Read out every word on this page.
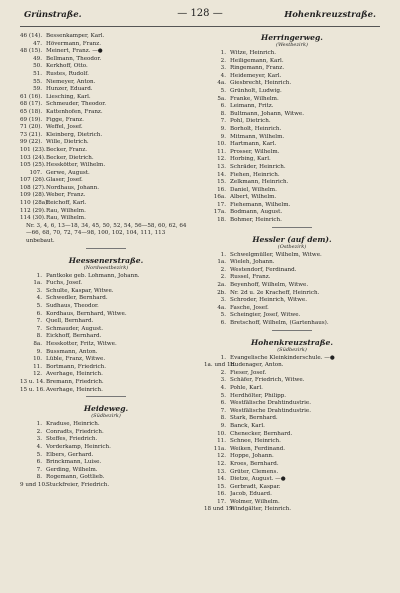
Grünstraße.	— 128 —	Hohenkreuzstraße.
46 (14). Bessenkamper, Karl.
47. Hövermann, Franz.
48 (15). Meinert, Franz. —●
49. Bellmann, Theodor.
50. Kerkhoff, Otto.
51. Rustes, Rudolf.
55. Niemeyer, Anton.
59. Hunzer, Eduard.
61 (16). Liesching, Karl.
68 (17). Schmeuder, Theodor.
65 (18). Kattenhofen, Franz.
69 (19). Figge, Franz.
71 (20). Weffel, Josef.
73 (21). Kleinberg, Dietrich.
99 (22). Wille, Dietrich.
101 (23). Becker, Franz.
103 (24). Becker, Dietrich.
105 (25). Hesskötter, Wilhelm.
107. Gerwe, August.
107 (26). Glaser, Josef.
108 (27). Nordhaus, Johann.
109 (28). Weber, Franz.
110 (28a).
Reichoff, Karl.
112 (29). Rau, Wilhelm.
114 (30). Rau, Wilhelm.
Nr. 3, 4, 6, 13—18, 34, 45, 50, 52, 54, 56—58, 60, 62, 64—66, 68, 70, 72, 74—98, 100, 102, 104, 111, 113 unbebaut.
Heessenerstraße.
(Nordwestbezirk)
1. Pantkoke geb. Lohmann, Johann.
1a. Fuchs, Josef.
3. Schulte, Kaspar, Witwe.
4. Schwedler, Bernhard.
5. Sudhaus, Theodor.
6. Kordhaus, Bernhard, Witwe.
7. Quell, Bernhard.
7. Schmauder, August.
8. Eickhoff, Bernhard.
8a. Hesskotter, Fritz, Witwe.
9. Bussmann, Anton.
10. Lüble, Franz, Witwe.
11. Bortmann, Friedrich.
12. Averhage, Heinrich.
13 u. 14. Bremann, Friedrich.
15 u. 16. Averhage, Heinrich.
Heideweg.
(Südbezirk)
1. Kraduse, Heinrich.
2. Conradts, Friedrich.
3. Steffes, Friedrich.
4. Vorderkamp, Heinrich.
5. Elbers, Gerhard.
6. Brinckmann, Luise.
7. Gerding, Wilhelm.
8. Rogemann, Gottlieb.
9 und 10. Stuckfreier, Friedrich.
Herringerweg.
(Westbezirk)
1. Witze, Heinrich.
2. Heiligemann, Karl.
3. Ringemann, Franz.
4. Heidemeyer, Karl.
4a. Giesbrecht, Heinrich.
5. Grünholt, Ludwig.
5a. Franke, Wilhelm.
6. Leimann, Fritz.
8. Bultmann, Johann, Witwe.
7. Pohl, Dietrich.
9. Borholt, Heinrich.
9. Mitmann, Wilhelm.
10. Hartmann, Karl.
11. Prosser, Wilhelm.
12. Horbing, Karl.
13. Schräder, Heinrich.
14. Fiehen, Heinrich.
15. Zelkmann, Heinrich.
16. Daniel, Wilhelm.
16a. Albert, Wilhelm.
17. Fiehemann, Wilhelm.
17a. Bodmann, August.
18. Bohmer, Heinrich.
Hessler (auf dem).
(Ostbezirk)
1. Schwelgmüller, Wilhelm, Witwe.
1a. Wieleh, Johann.
2. Westendorf, Ferdinand.
2. Russel, Franz.
2a. Beyenhoff, Wilhelm, Witwe.
2b. Nr. 2d u. 2e Kracheff, Heinrich.
3. Schroder, Heinrich, Witwe.
4a. Fasche, Josef.
5. Scheingier, Josef, Witwe.
6. Bretschoff, Wilhelm, (Gartenhaus).
Hohenkreuzstraße.
(Südbezirk)
1. Evangelische Kleinkinderschule. —●
1a. und 1b.
Hudenager, Anton.
2. Fieser, Josef.
3. Schäfer, Friedrich, Witwe.
4. Pohle, Karl.
5. Herdhölter, Philipp.
6. Westfälische Drahtindustrie.
7. Westfälische Drahtindustrie.
8. Stark, Bernhard.
9. Banck, Karl.
10. Chenecker, Bernhard.
11. Schnee, Heinrich.
11a. Weiken, Ferdinand.
12. Hoppe, Johann.
12. Kroes, Bernhard.
13. Grüter, Clemens.
14. Dietze, August. —●
15. Gerbradt, Kaspar.
16. Jacob, Eduard.
17. Wolmer, Wilhelm.
18 und 19.
Windgälter, Heinrich.
